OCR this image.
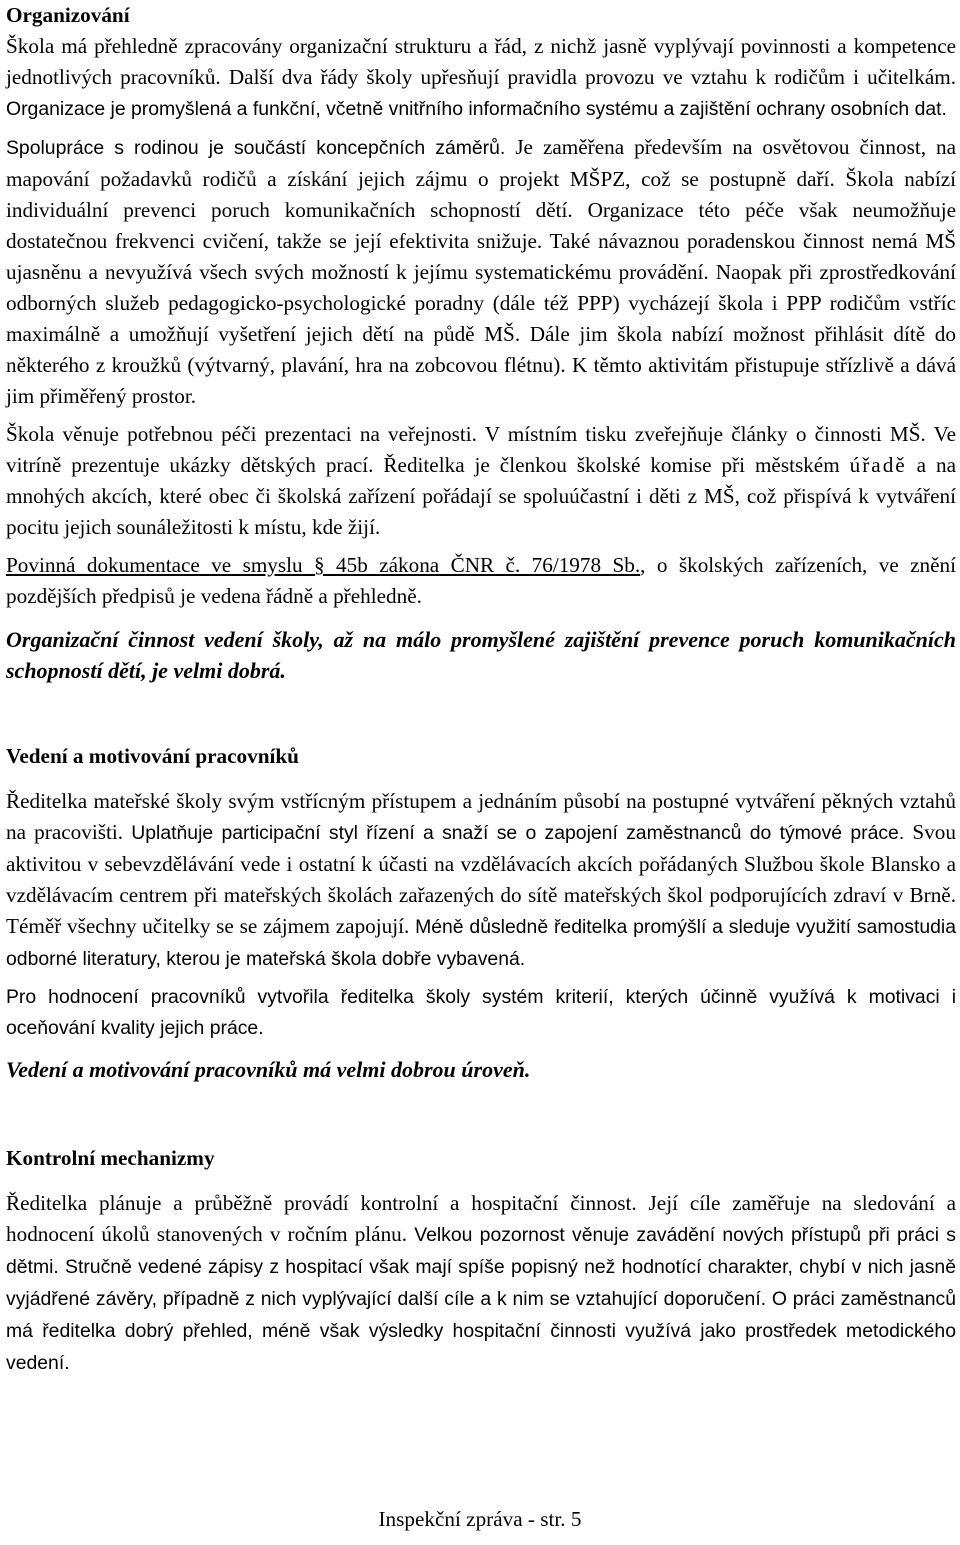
Organizování

Škola má přehledně zpracovány organizační strukturu a řád, z nichž jasně vyplývají povinnosti a kompetence jednotlivých pracovníků. Další dva řády školy upřesňují pravidla provozu ve vztahu k rodičům i učitelkám. Organizace je promyšlená a funkční, včetně vnitřního informačního systému a zajištění ochrany osobních dat.

Spolupráce s rodinou je součástí koncepčních záměrů. Je zaměřena především na osvětovou činnost, na mapování požadavků rodičů a získání jejich zájmu o projekt MŠPZ, což se postupně daří. Škola nabízí individuální prevenci poruch komunikačních schopností dětí. Organizace této péče však neumožňuje dostatečnou frekvenci cvičení, takže se její efektivita snižuje. Také návaznou poradenskou činnost nemá MŠ ujasněnu a nevyužívá všech svých možností k jejímu systematickému provádění. Naopak při zprostředkování odborných služeb pedagogicko-psychologické poradny (dále též PPP) vycházejí škola i PPP rodičům vstříc maximálně a umožňují vyšetření jejich dětí na půdě MŠ. Dále jim škola nabízí možnost přihlásit dítě do některého z kroužků (výtvarný, plavání, hra na zobcovou flétnu). K těmto aktivitám přistupuje střízlivě a dává jim přiměřený prostor.

Škola věnuje potřebnou péči prezentaci na veřejnosti. V místním tisku zveřejňuje články o činnosti MŠ. Ve vitríně prezentuje ukázky dětských prací. Ředitelka je členkou školské komise při městském úřadě a na mnohých akcích, které obec či školská zařízení pořádají se spoluúčastní i děti z MŠ, což přispívá k vytváření pocitu jejich sounáležitosti k místu, kde žijí.

Povinná dokumentace ve smyslu § 45b zákona ČNR č. 76/1978 Sb., o školských zařízeních, ve znění pozdějších předpisů je vedena řádně a přehledně.

Organizační činnost vedení školy, až na málo promyšlené zajištění prevence poruch komunikačních schopností dětí, je velmi dobrá.

Vedení a motivování pracovníků

Ředitelka mateřské školy svým vstřícným přístupem a jednáním působí na postupné vytváření pěkných vztahů na pracovišti. Uplatňuje participační styl řízení a snaží se o zapojení zaměstnanců do týmové práce. Svou aktivitou v sebevzdělávání vede i ostatní k účasti na vzdělávacích akcích pořádaných Službou škole Blansko a vzdělávacím centrem při mateřských školách zařazených do sítě mateřských škol podporujících zdraví v Brně. Téměř všechny učitelky se se zájmem zapojují. Méně důsledně ředitelka promýšlí a sleduje využití samostudia odborné literatury, kterou je mateřská škola dobře vybavená.

Pro hodnocení pracovníků vytvořila ředitelka školy systém kriterií, kterých účinně využívá k motivaci i oceňování kvality jejich práce.

Vedení a motivování pracovníků má velmi dobrou úroveň.

Kontrolní mechanizmy

Ředitelka plánuje a průběžně provádí kontrolní a hospitační činnost. Její cíle zaměřuje na sledování a hodnocení úkolů stanovených v ročním plánu. Velkou pozornost věnuje zavádění nových přístupů při práci s dětmi. Stručně vedené zápisy z hospitací však mají spíše popisný než hodnotící charakter, chybí v nich jasně vyjádřené závěry, případně z nich vyplývající další cíle a k nim se vztahující doporučení. O práci zaměstnanců má ředitelka dobrý přehled, méně však výsledky hospitační činnosti využívá jako prostředek metodického vedení.

Inspekční zpráva - str. 5
